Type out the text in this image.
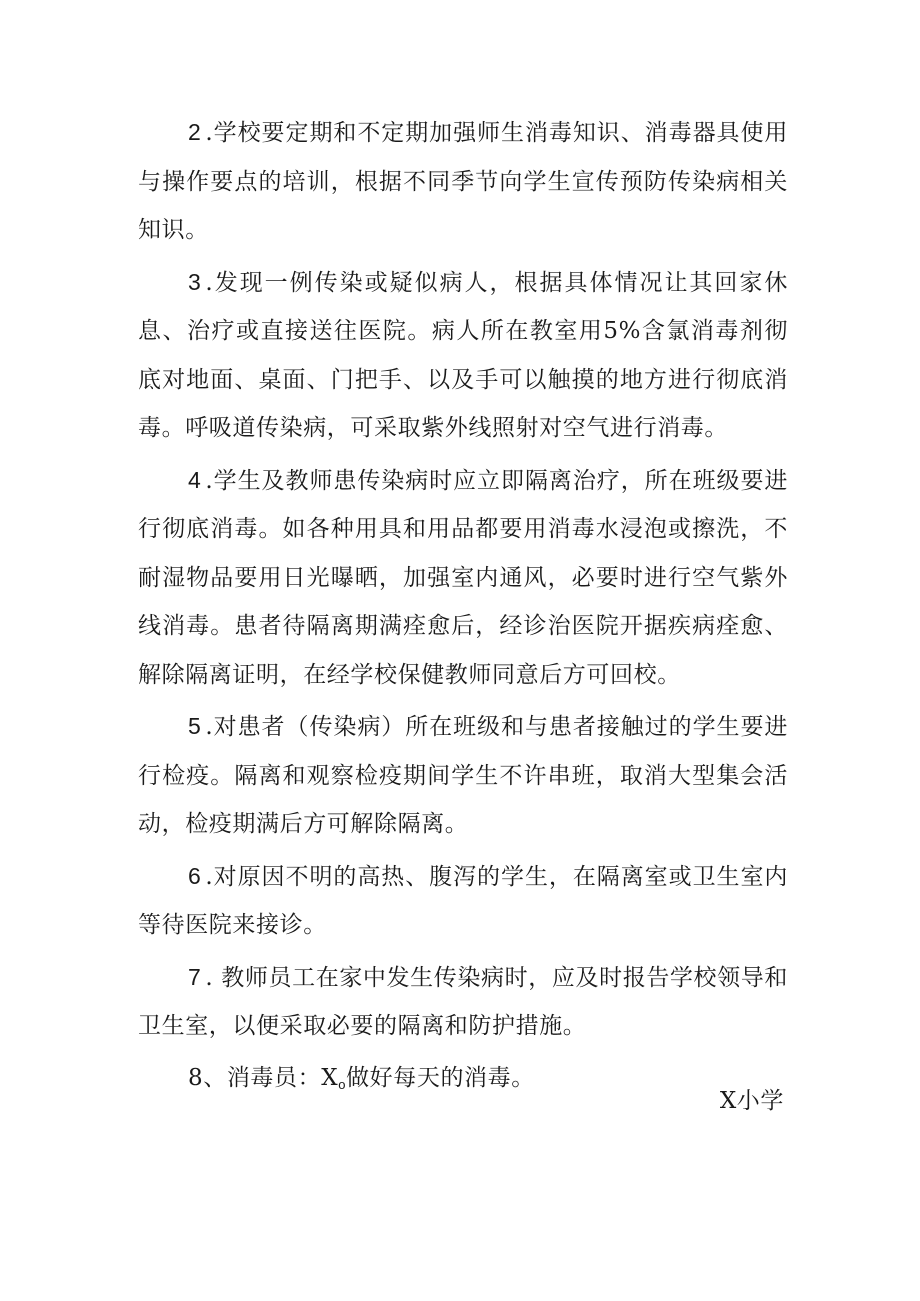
2 .学校要定期和不定期加强师生消毒知识、消毒器具使用与操作要点的培训，根据不同季节向学生宣传预防传染病相关知识。

3 .发现一例传染或疑似病人，根据具体情况让其回家休息、治疗或直接送往医院。病人所在教室用5%含氯消毒剂彻底对地面、桌面、门把手、以及手可以触摸的地方进行彻底消毒。呼吸道传染病，可采取紫外线照射对空气进行消毒。

4 .学生及教师患传染病时应立即隔离治疗，所在班级要进行彻底消毒。如各种用具和用品都要用消毒水浸泡或擦洗，不耐湿物品要用日光曝晒，加强室内通风，必要时进行空气紫外线消毒。患者待隔离期满痊愈后，经诊治医院开据疾病痊愈、解除隔离证明，在经学校保健教师同意后方可回校。

5 .对患者（传染病）所在班级和与患者接触过的学生要进行检疫。隔离和观察检疫期间学生不许串班，取消大型集会活动，检疫期满后方可解除隔离。

6 .对原因不明的高热、腹泻的学生，在隔离室或卫生室内等待医院来接诊。

7 . 教师员工在家中发生传染病时，应及时报告学校领导和卫生室，以便采取必要的隔离和防护措施。

8、消毒员：$X_o$做好每天的消毒。

X小学
